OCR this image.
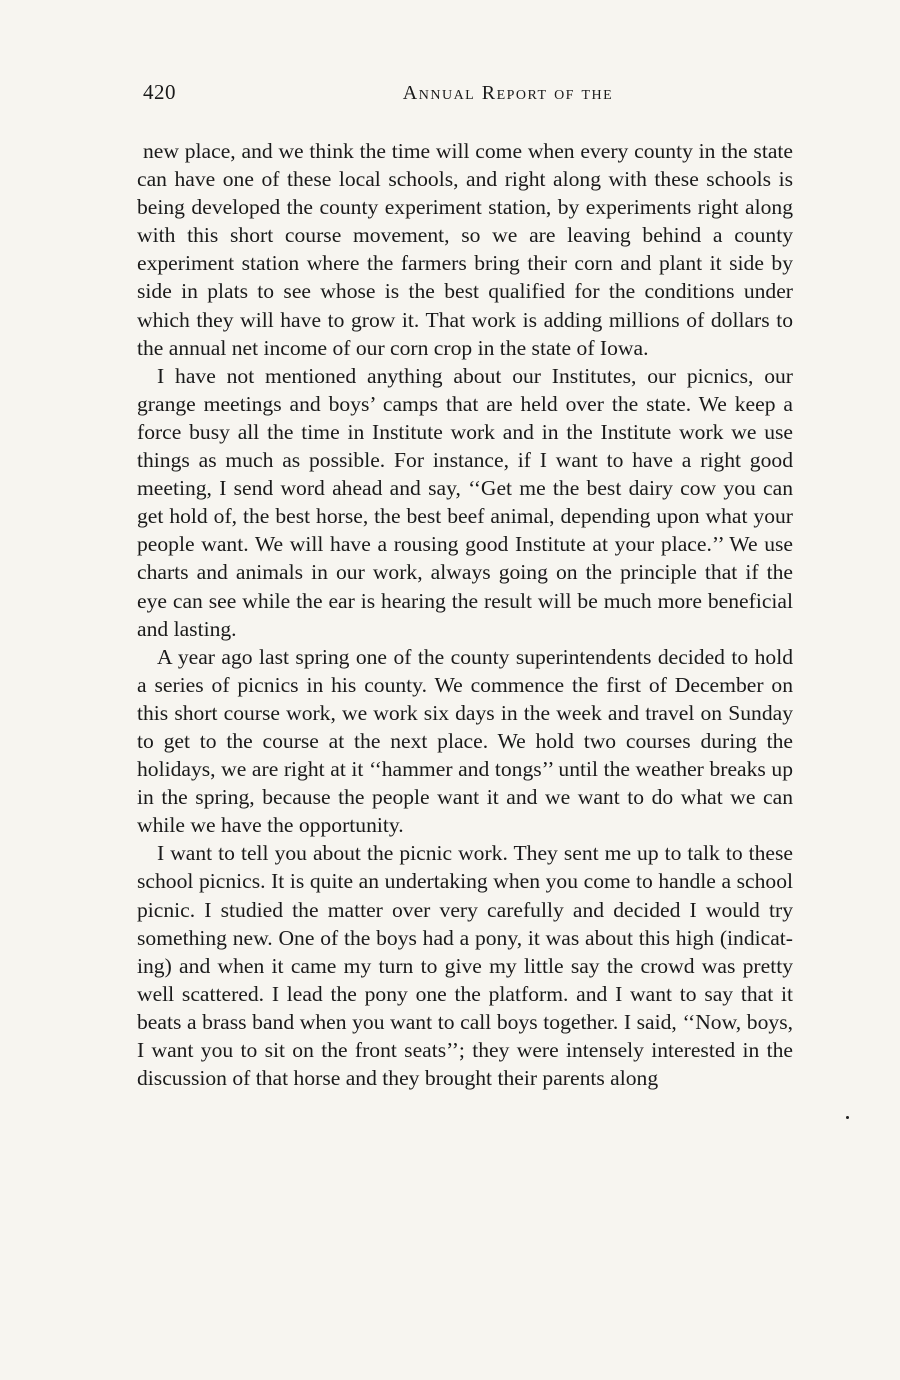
420	Annual Report of the

new place, and we think the time will come when every county in the state can have one of these local schools, and right along with these schools is being developed the county experiment station, by experiments right along with this short course movement, so we are leaving behind a county experiment station where the farmers bring their corn and plant it side by side in plats to see whose is the best qualified for the conditions under which they will have to grow it. That work is adding millions of dollars to the annual net income of our corn crop in the state of Iowa.

I have not mentioned anything about our Institutes, our picnics, our grange meetings and boys’ camps that are held over the state. We keep a force busy all the time in Institute work and in the Institute work we use things as much as possible. For instance, if I want to have a right good meeting, I send word ahead and say, ‘‘Get me the best dairy cow you can get hold of, the best horse, the best beef animal, depending upon what your people want. We will have a rousing good Institute at your place.’’ We use charts and animals in our work, always going on the principle that if the eye can see while the ear is hearing the result will be much more beneficial and lasting.

A year ago last spring one of the county superintendents decided to hold a series of picnics in his county. We commence the first of December on this short course work, we work six days in the week and travel on Sunday to get to the course at the next place. We hold two courses during the holidays, we are right at it ‘‘hammer and tongs’’ until the weather breaks up in the spring, because the people want it and we want to do what we can while we have the opportunity.

I want to tell you about the picnic work. They sent me up to talk to these school picnics. It is quite an undertaking when you come to handle a school picnic. I studied the matter over very carefully and decided I would try something new. One of the boys had a pony, it was about this high (indicating) and when it came my turn to give my little say the crowd was pretty well scattered. I lead the pony one the platform. and I want to say that it beats a brass band when you want to call boys together. I said, ‘‘Now, boys, I want you to sit on the front seats’’; they were intensely interested in the discussion of that horse and they brought their parents along
